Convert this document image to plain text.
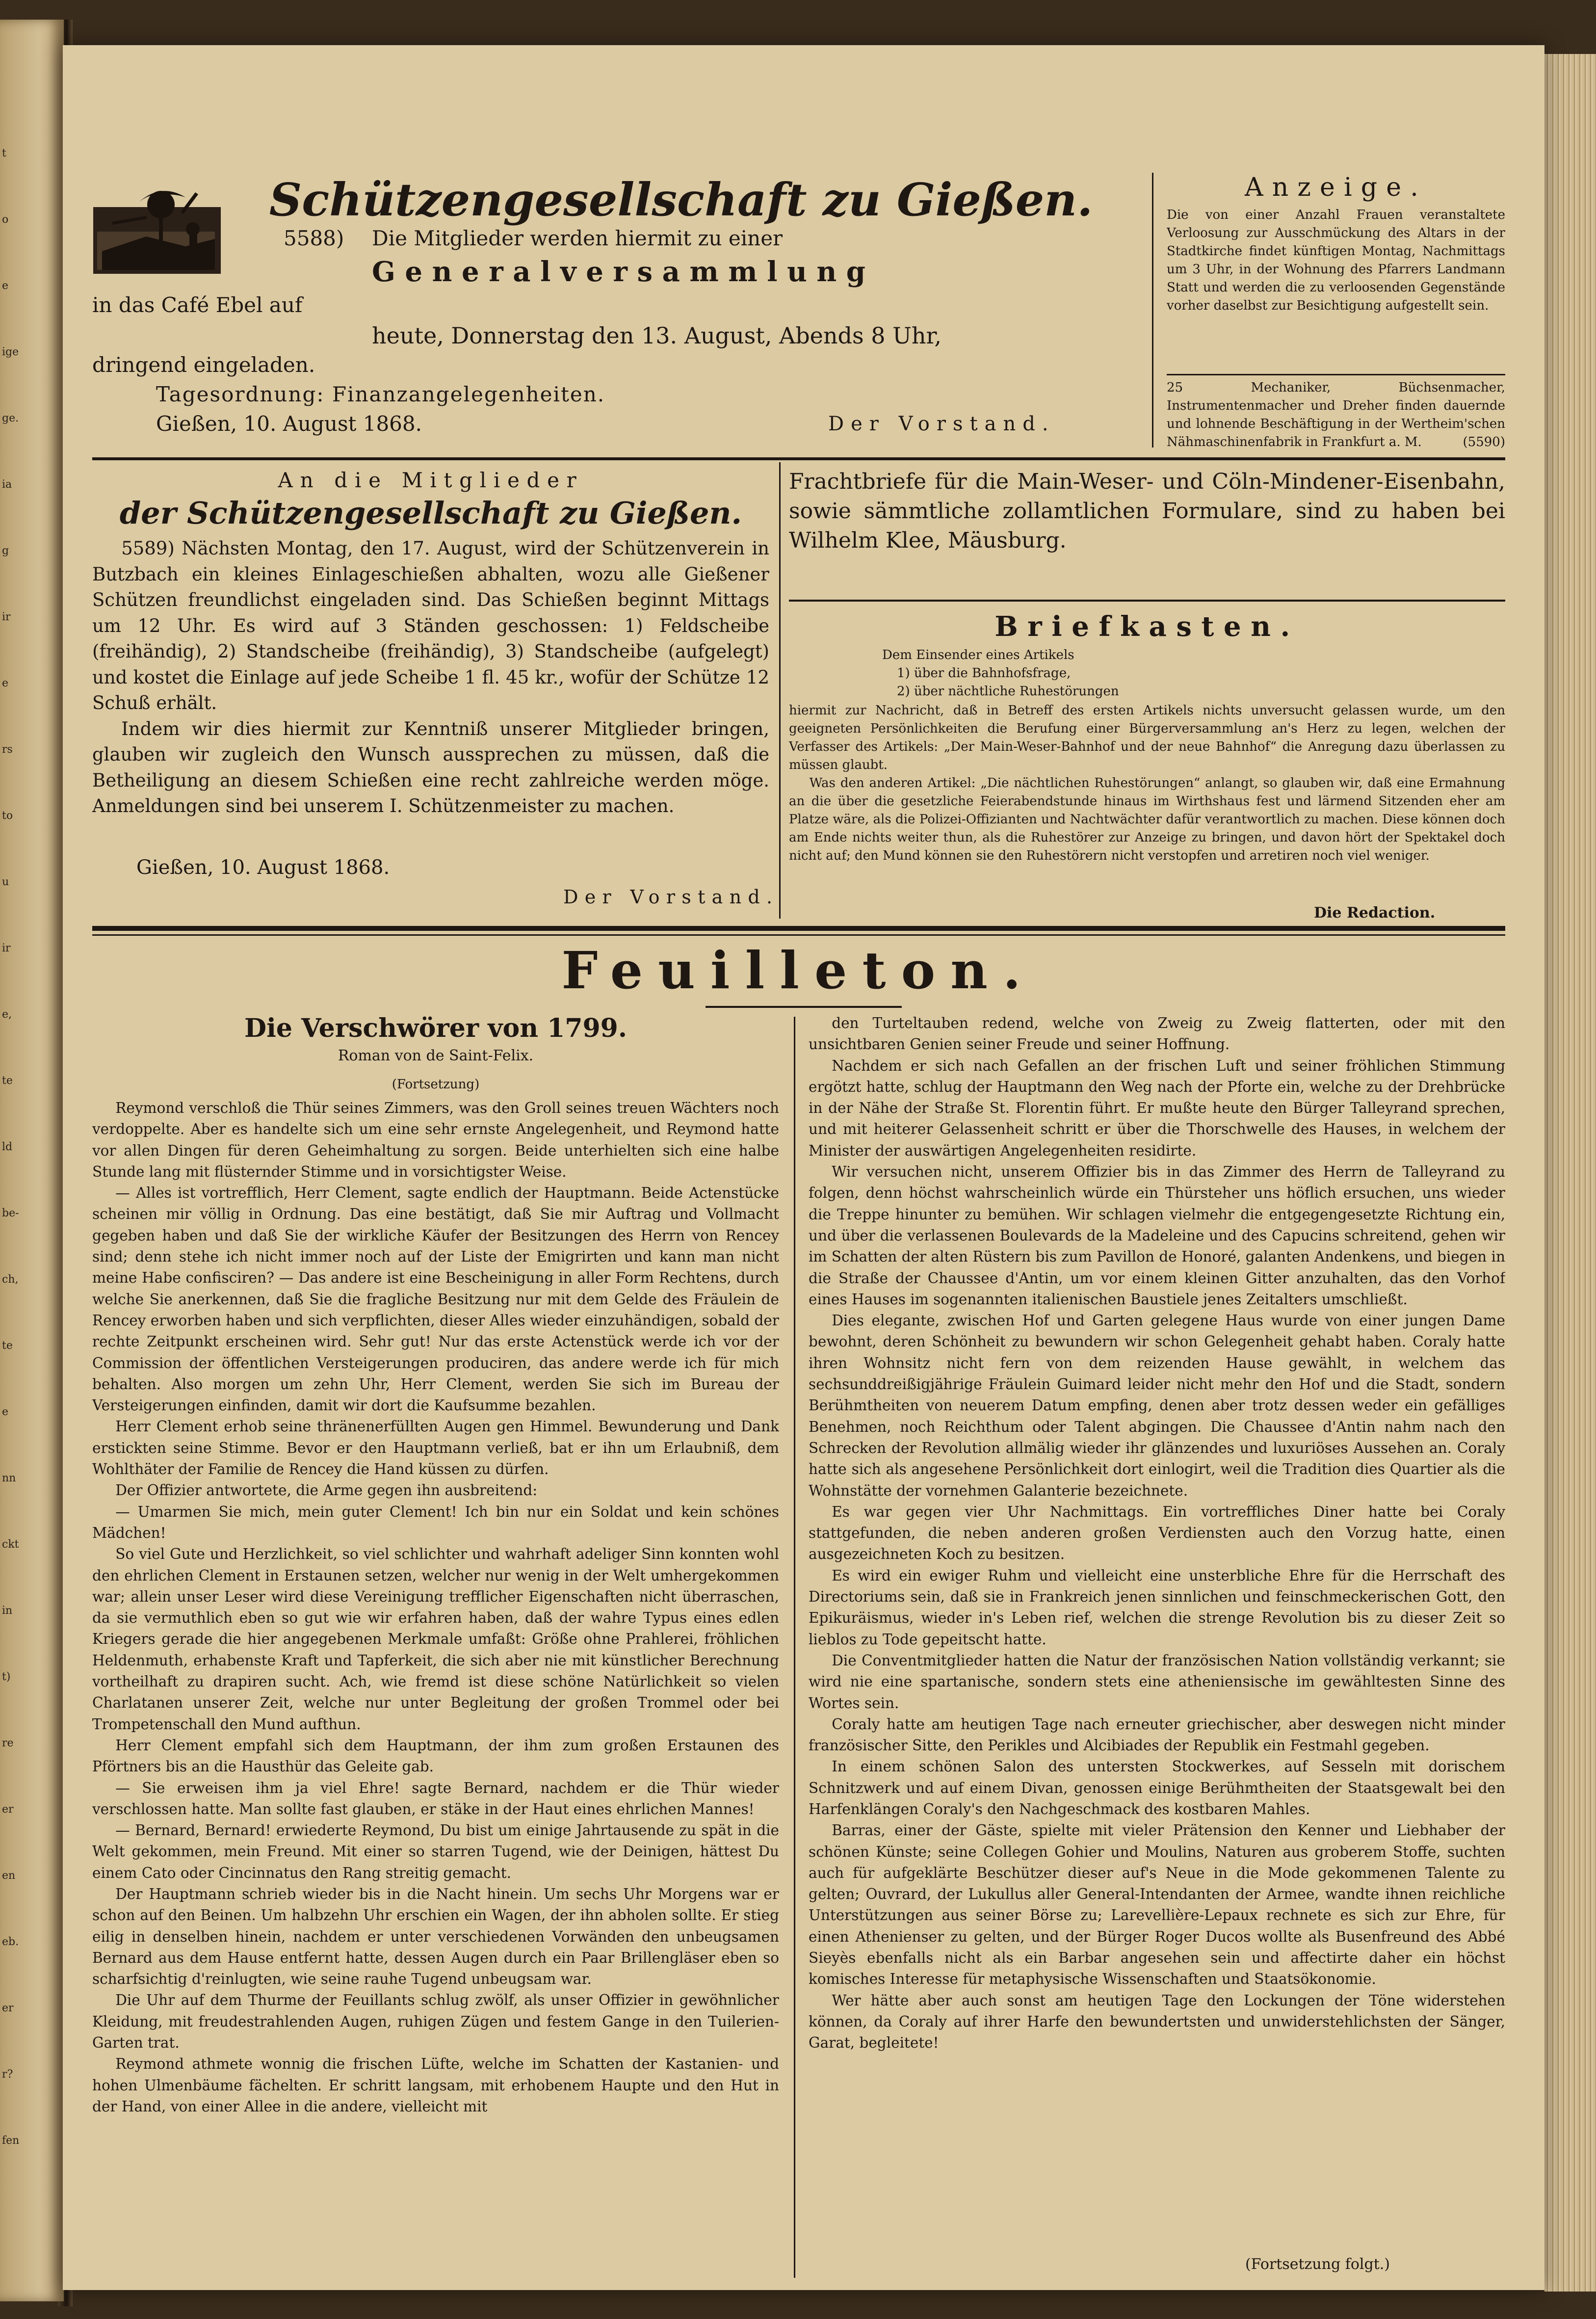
t
o
e
ige
ge.
ia
g
ir
e
rs
to
u
ir
e,
te
ld
be-
ch,
te
e
nn
ckt
in
t)
re
er
en
eb.
er
r?
fen
Schützengesellschaft zu Gießen.
5588) Die Mitglieder werden hiermit zu einer
Generalversammlung
in das Café Ebel auf
heute, Donnerstag den 13. August, Abends 8 Uhr,
dringend eingeladen.
Tagesordnung: Finanzangelegenheiten.
Gießen, 10. August 1868.	Der Vorstand.
Anzeige.
Die von einer Anzahl Frauen veranstaltete Verloosung zur Ausschmückung des Altars in der Stadtkirche findet künftigen Montag, Nachmittags um 3 Uhr, in der Wohnung des Pfarrers Landmann Statt und werden die zu verloosenden Gegenstände vorher daselbst zur Besichtigung aufgestellt sein.
25 Mechaniker, Büchsenmacher, Instrumentenmacher und Dreher finden dauernde und lohnende Beschäftigung in der Wertheim'schen Nähmaschinenfabrik in Frankfurt a. M.	(5590)
An die Mitglieder
der Schützengesellschaft zu Gießen.

5589) Nächsten Montag, den 17. August, wird der Schützenverein in Butzbach ein kleines Einlageschießen abhalten, wozu alle Gießener Schützen freundlichst eingeladen sind. Das Schießen beginnt Mittags um 12 Uhr. Es wird auf 3 Ständen geschossen: 1) Feldscheibe (freihändig), 2) Standscheibe (freihändig), 3) Standscheibe (aufgelegt) und kostet die Einlage auf jede Scheibe 1 fl. 45 kr., wofür der Schütze 12 Schuß erhält.

Indem wir dies hiermit zur Kenntniß unserer Mitglieder bringen, glauben wir zugleich den Wunsch aussprechen zu müssen, daß die Betheiligung an diesem Schießen eine recht zahlreiche werden möge. Anmeldungen sind bei unserem I. Schützenmeister zu machen.

Gießen, 10. August 1868.
Der Vorstand.
Frachtbriefe für die Main-Weser- und Cöln-Mindener-Eisenbahn, sowie sämmtliche zollamtlichen Formulare, sind zu haben bei Wilhelm Klee, Mäusburg.
Briefkasten.
Dem Einsender eines Artikels
1) über die Bahnhofsfrage,
2) über nächtliche Ruhestörungen

hiermit zur Nachricht, daß in Betreff des ersten Artikels nichts unversucht gelassen wurde, um den geeigneten Persönlichkeiten die Berufung einer Bürgerversammlung an's Herz zu legen, welchen der Verfasser des Artikels: „Der Main-Weser-Bahnhof und der neue Bahnhof“ die Anregung dazu überlassen zu müssen glaubt.

Was den anderen Artikel: „Die nächtlichen Ruhestörungen“ anlangt, so glauben wir, daß eine Ermahnung an die über die gesetzliche Feierabendstunde hinaus im Wirthshaus fest und lärmend Sitzenden eher am Platze wäre, als die Polizei-Offizianten und Nachtwächter dafür verantwortlich zu machen. Diese können doch am Ende nichts weiter thun, als die Ruhestörer zur Anzeige zu bringen, und davon hört der Spektakel doch nicht auf; den Mund können sie den Ruhestörern nicht verstopfen und arretiren noch viel weniger.

Die Redaction.
Feuilleton.
Die Verschwörer von 1799.
Roman von de Saint-Felix.
(Fortsetzung)

Reymond verschloß die Thür seines Zimmers, was den Groll seines treuen Wächters noch verdoppelte. Aber es handelte sich um eine sehr ernste Angelegenheit, und Reymond hatte vor allen Dingen für deren Geheimhaltung zu sorgen. Beide unterhielten sich eine halbe Stunde lang mit flüsternder Stimme und in vorsichtigster Weise.

— Alles ist vortrefflich, Herr Clement, sagte endlich der Hauptmann. Beide Actenstücke scheinen mir völlig in Ordnung. Das eine bestätigt, daß Sie mir Auftrag und Vollmacht gegeben haben und daß Sie der wirkliche Käufer der Besitzungen des Herrn von Rencey sind; denn stehe ich nicht immer noch auf der Liste der Emigrirten und kann man nicht meine Habe confisciren? — Das andere ist eine Bescheinigung in aller Form Rechtens, durch welche Sie anerkennen, daß Sie die fragliche Besitzung nur mit dem Gelde des Fräulein de Rencey erworben haben und sich verpflichten, dieser Alles wieder einzuhändigen, sobald der rechte Zeitpunkt erscheinen wird. Sehr gut! Nur das erste Actenstück werde ich vor der Commission der öffentlichen Versteigerungen produciren, das andere werde ich für mich behalten. Also morgen um zehn Uhr, Herr Clement, werden Sie sich im Bureau der Versteigerungen einfinden, damit wir dort die Kaufsumme bezahlen.

Herr Clement erhob seine thränenerfüllten Augen gen Himmel. Bewunderung und Dank erstickten seine Stimme. Bevor er den Hauptmann verließ, bat er ihn um Erlaubniß, dem Wohlthäter der Familie de Rencey die Hand küssen zu dürfen.

Der Offizier antwortete, die Arme gegen ihn ausbreitend:

— Umarmen Sie mich, mein guter Clement! Ich bin nur ein Soldat und kein schönes Mädchen!

So viel Gute und Herzlichkeit, so viel schlichter und wahrhaft adeliger Sinn konnten wohl den ehrlichen Clement in Erstaunen setzen, welcher nur wenig in der Welt umhergekommen war; allein unser Leser wird diese Vereinigung trefflicher Eigenschaften nicht überraschen, da sie vermuthlich eben so gut wie wir erfahren haben, daß der wahre Typus eines edlen Kriegers gerade die hier angegebenen Merkmale umfaßt: Größe ohne Prahlerei, fröhlichen Heldenmuth, erhabenste Kraft und Tapferkeit, die sich aber nie mit künstlicher Berechnung vortheilhaft zu drapiren sucht. Ach, wie fremd ist diese schöne Natürlichkeit so vielen Charlatanen unserer Zeit, welche nur unter Begleitung der großen Trommel oder bei Trompetenschall den Mund aufthun.

Herr Clement empfahl sich dem Hauptmann, der ihm zum großen Erstaunen des Pförtners bis an die Hausthür das Geleite gab.

— Sie erweisen ihm ja viel Ehre! sagte Bernard, nachdem er die Thür wieder verschlossen hatte. Man sollte fast glauben, er stäke in der Haut eines ehrlichen Mannes!

— Bernard, Bernard! erwiederte Reymond, Du bist um einige Jahrtausende zu spät in die Welt gekommen, mein Freund. Mit einer so starren Tugend, wie der Deinigen, hättest Du einem Cato oder Cincinnatus den Rang streitig gemacht.

Der Hauptmann schrieb wieder bis in die Nacht hinein. Um sechs Uhr Morgens war er schon auf den Beinen. Um halbzehn Uhr erschien ein Wagen, der ihn abholen sollte. Er stieg eilig in denselben hinein, nachdem er unter verschiedenen Vorwänden den unbeugsamen Bernard aus dem Hause entfernt hatte, dessen Augen durch ein Paar Brillengläser eben so scharfsichtig d'reinlugten, wie seine rauhe Tugend unbeugsam war.

Die Uhr auf dem Thurme der Feuillants schlug zwölf, als unser Offizier in gewöhnlicher Kleidung, mit freudestrahlenden Augen, ruhigen Zügen und festem Gange in den Tuilerien-Garten trat.

Reymond athmete wonnig die frischen Lüfte, welche im Schatten der Kastanien- und hohen Ulmenbäume fächelten. Er schritt langsam, mit erhobenem Haupte und den Hut in der Hand, von einer Allee in die andere, vielleicht mit

den Turteltauben redend, welche von Zweig zu Zweig flatterten, oder mit den unsichtbaren Genien seiner Freude und seiner Hoffnung.

Nachdem er sich nach Gefallen an der frischen Luft und seiner fröhlichen Stimmung ergötzt hatte, schlug der Hauptmann den Weg nach der Pforte ein, welche zu der Drehbrücke in der Nähe der Straße St. Florentin führt. Er mußte heute den Bürger Talleyrand sprechen, und mit heiterer Gelassenheit schritt er über die Thorschwelle des Hauses, in welchem der Minister der auswärtigen Angelegenheiten residirte.

Wir versuchen nicht, unserem Offizier bis in das Zimmer des Herrn de Talleyrand zu folgen, denn höchst wahrscheinlich würde ein Thürsteher uns höflich ersuchen, uns wieder die Treppe hinunter zu bemühen. Wir schlagen vielmehr die entgegengesetzte Richtung ein, und über die verlassenen Boulevards de la Madeleine und des Capucins schreitend, gehen wir im Schatten der alten Rüstern bis zum Pavillon de Honoré, galanten Andenkens, und biegen in die Straße der Chaussee d'Antin, um vor einem kleinen Gitter anzuhalten, das den Vorhof eines Hauses im sogenannten italienischen Baustiele jenes Zeitalters umschließt.

Dies elegante, zwischen Hof und Garten gelegene Haus wurde von einer jungen Dame bewohnt, deren Schönheit zu bewundern wir schon Gelegenheit gehabt haben. Coraly hatte ihren Wohnsitz nicht fern von dem reizenden Hause gewählt, in welchem das sechsunddreißigjährige Fräulein Guimard leider nicht mehr den Hof und die Stadt, sondern Berühmtheiten von neuerem Datum empfing, denen aber trotz dessen weder ein gefälliges Benehmen, noch Reichthum oder Talent abgingen. Die Chaussee d'Antin nahm nach den Schrecken der Revolution allmälig wieder ihr glänzendes und luxuriöses Aussehen an. Coraly hatte sich als angesehene Persönlichkeit dort einlogirt, weil die Tradition dies Quartier als die Wohnstätte der vornehmen Galanterie bezeichnete.

Es war gegen vier Uhr Nachmittags. Ein vortreffliches Diner hatte bei Coraly stattgefunden, die neben anderen großen Verdiensten auch den Vorzug hatte, einen ausgezeichneten Koch zu besitzen.

Es wird ein ewiger Ruhm und vielleicht eine unsterbliche Ehre für die Herrschaft des Directoriums sein, daß sie in Frankreich jenen sinnlichen und feinschmeckerischen Gott, den Epikuräismus, wieder in's Leben rief, welchen die strenge Revolution bis zu dieser Zeit so lieblos zu Tode gepeitscht hatte.

Die Conventmitglieder hatten die Natur der französischen Nation vollständig verkannt; sie wird nie eine spartanische, sondern stets eine atheniensische im gewähltesten Sinne des Wortes sein.

Coraly hatte am heutigen Tage nach erneuter griechischer, aber deswegen nicht minder französischer Sitte, den Perikles und Alcibiades der Republik ein Festmahl gegeben.

In einem schönen Salon des untersten Stockwerkes, auf Sesseln mit dorischem Schnitzwerk und auf einem Divan, genossen einige Berühmtheiten der Staatsgewalt bei den Harfenklängen Coraly's den Nachgeschmack des kostbaren Mahles.

Barras, einer der Gäste, spielte mit vieler Prätension den Kenner und Liebhaber der schönen Künste; seine Collegen Gohier und Moulins, Naturen aus groberem Stoffe, suchten auch für aufgeklärte Beschützer dieser auf's Neue in die Mode gekommenen Talente zu gelten; Ouvrard, der Lukullus aller General-Intendanten der Armee, wandte ihnen reichliche Unterstützungen aus seiner Börse zu; Larevellière-Lepaux rechnete es sich zur Ehre, für einen Athenienser zu gelten, und der Bürger Roger Ducos wollte als Busenfreund des Abbé Sieyès ebenfalls nicht als ein Barbar angesehen sein und affectirte daher ein höchst komisches Interesse für metaphysische Wissenschaften und Staatsökonomie.

Wer hätte aber auch sonst am heutigen Tage den Lockungen der Töne widerstehen können, da Coraly auf ihrer Harfe den bewundertsten und unwiderstehlichsten der Sänger, Garat, begleitete!

(Fortsetzung folgt.)
